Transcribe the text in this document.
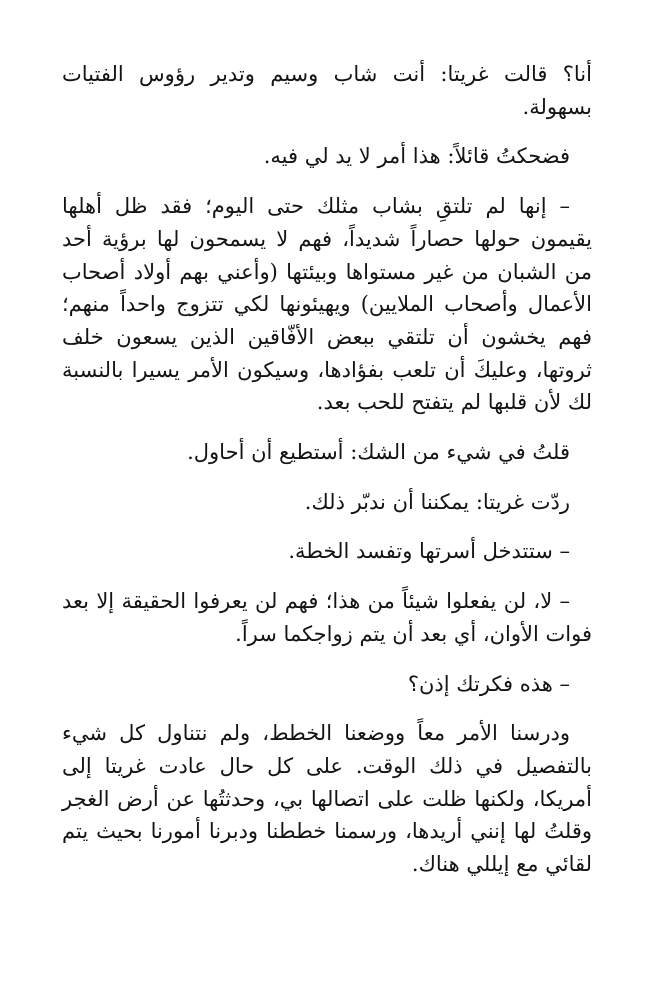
أنا؟ قالت غريتا: أنت شاب وسيم وتدير رؤوس الفتيات بسهولة.

فضحكتُ قائلاً: هذا أمر لا يد لي فيه.

– إنها لم تلتقِ بشاب مثلك حتى اليوم؛ فقد ظل أهلها يقيمون حولها حصاراً شديداً، فهم لا يسمحون لها برؤية أحد من الشبان من غير مستواها وبيئتها (وأعني بهم أولاد أصحاب الأعمال وأصحاب الملايين) ويهيئونها لكي تتزوج واحداً منهم؛ فهم يخشون أن تلتقي ببعض الأفّاقين الذين يسعون خلف ثروتها، وعليكَ أن تلعب بفؤادها، وسيكون الأمر يسيرا بالنسبة لك لأن قلبها لم يتفتح للحب بعد.

قلتُ في شيء من الشك: أستطيع أن أحاول.

ردّت غريتا: يمكننا أن ندبّر ذلك.

– ستتدخل أسرتها وتفسد الخطة.

– لا، لن يفعلوا شيئاً من هذا؛ فهم لن يعرفوا الحقيقة إلا بعد فوات الأوان، أي بعد أن يتم زواجكما سراً.

– هذه فكرتك إذن؟

ودرسنا الأمر معاً ووضعنا الخطط، ولم نتناول كل شيء بالتفصيل في ذلك الوقت. على كل حال عادت غريتا إلى أمريكا، ولكنها ظلت على اتصالها بي، وحدثتُها عن أرض الغجر وقلتُ لها إنني أريدها، ورسمنا خططنا ودبرنا أمورنا بحيث يتم لقائي مع إيللي هناك.
